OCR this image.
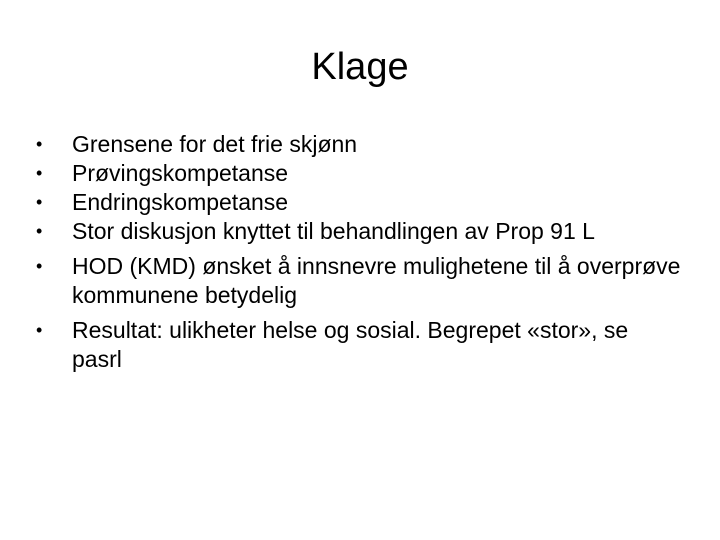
Klage
•	Grensene for det frie skjønn
•	Prøvingskompetanse
•	Endringskompetanse
•	Stor diskusjon knyttet til behandlingen av Prop 91 L
•	HOD (KMD) ønsket å innsnevre mulighetene til å overprøve kommunene betydelig
•	Resultat: ulikheter helse og sosial. Begrepet «stor», se pasrl
